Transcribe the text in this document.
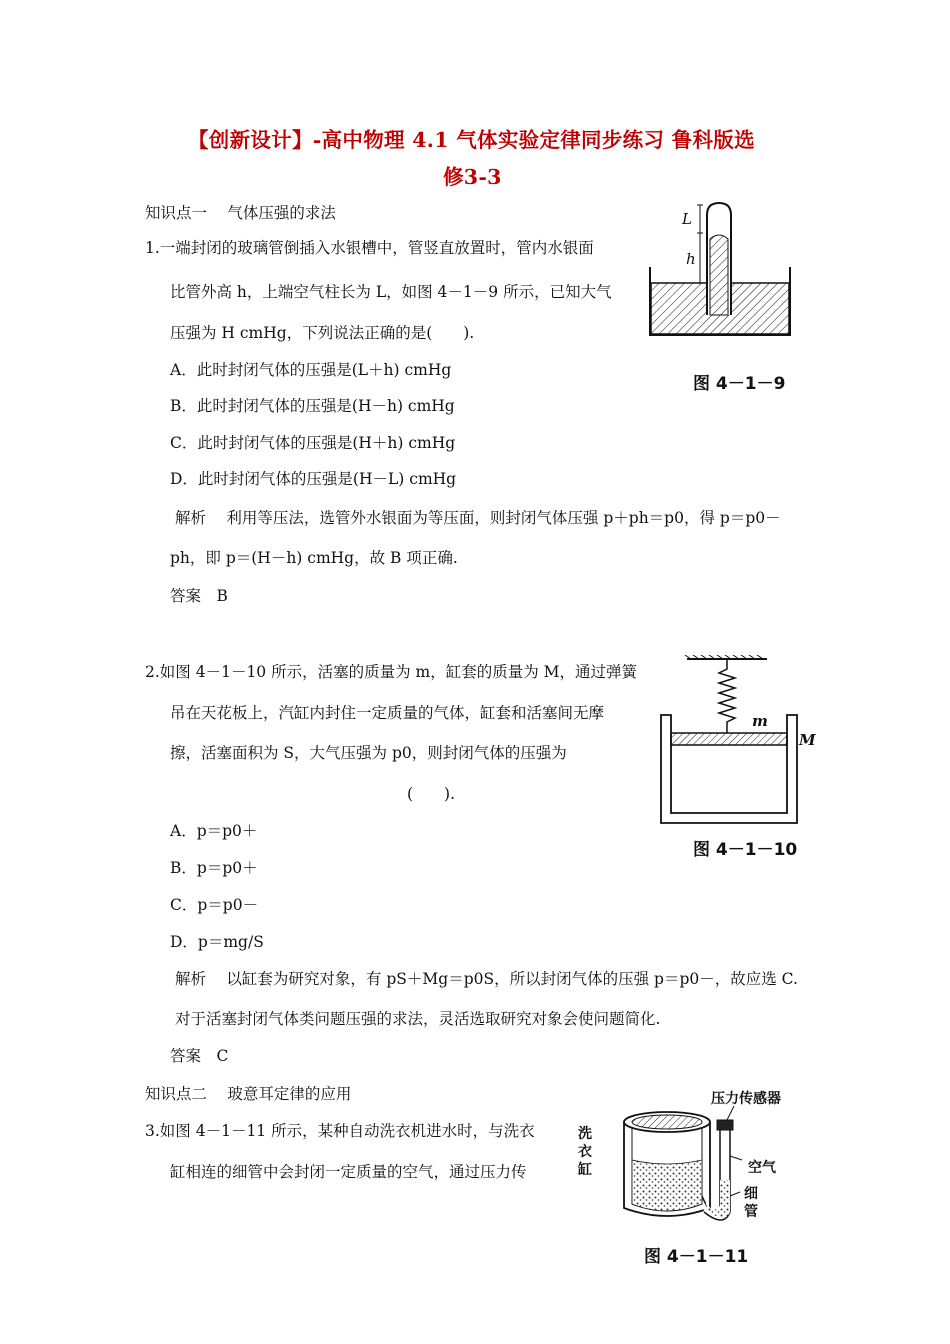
【创新设计】-高中物理 4.1 气体实验定律同步练习 鲁科版选
修3-3
知识点一　 气体压强的求法
1.一端封闭的玻璃管倒插入水银槽中，管竖直放置时，管内水银面
比管外高 h，上端空气柱长为 L，如图 4－1－9 所示，已知大气
压强为 H cmHg，下列说法正确的是(　　).
A．此时封闭气体的压强是(L＋h) cmHg
B．此时封闭气体的压强是(H－h) cmHg
C．此时封闭气体的压强是(H＋h) cmHg
D．此时封闭气体的压强是(H－L) cmHg
解析　 利用等压法，选管外水银面为等压面，则封闭气体压强 p＋ph＝p0，得 p＝p0－
ph，即 p＝(H－h) cmHg，故 B 项正确.
答案　B
L
h
图 4－1－9
2.如图 4－1－10 所示，活塞的质量为 m，缸套的质量为 M，通过弹簧
吊在天花板上，汽缸内封住一定质量的气体，缸套和活塞间无摩
擦，活塞面积为 S，大气压强为 p0，则封闭气体的压强为
(　　).
A．p＝p0＋
B．p＝p0＋
C．p＝p0－
D．p＝mg/S
解析　 以缸套为研究对象，有 pS＋Mg＝p0S，所以封闭气体的压强 p＝p0－，故应选 C.
对于活塞封闭气体类问题压强的求法，灵活选取研究对象会使问题简化.
答案　C
m
M
图 4－1－10
知识点二　 玻意耳定律的应用
3.如图 4－1－11 所示，某种自动洗衣机进水时，与洗衣
缸相连的细管中会封闭一定质量的空气，通过压力传
压力传感器
洗衣缸	空气
细管
图 4－1－11
